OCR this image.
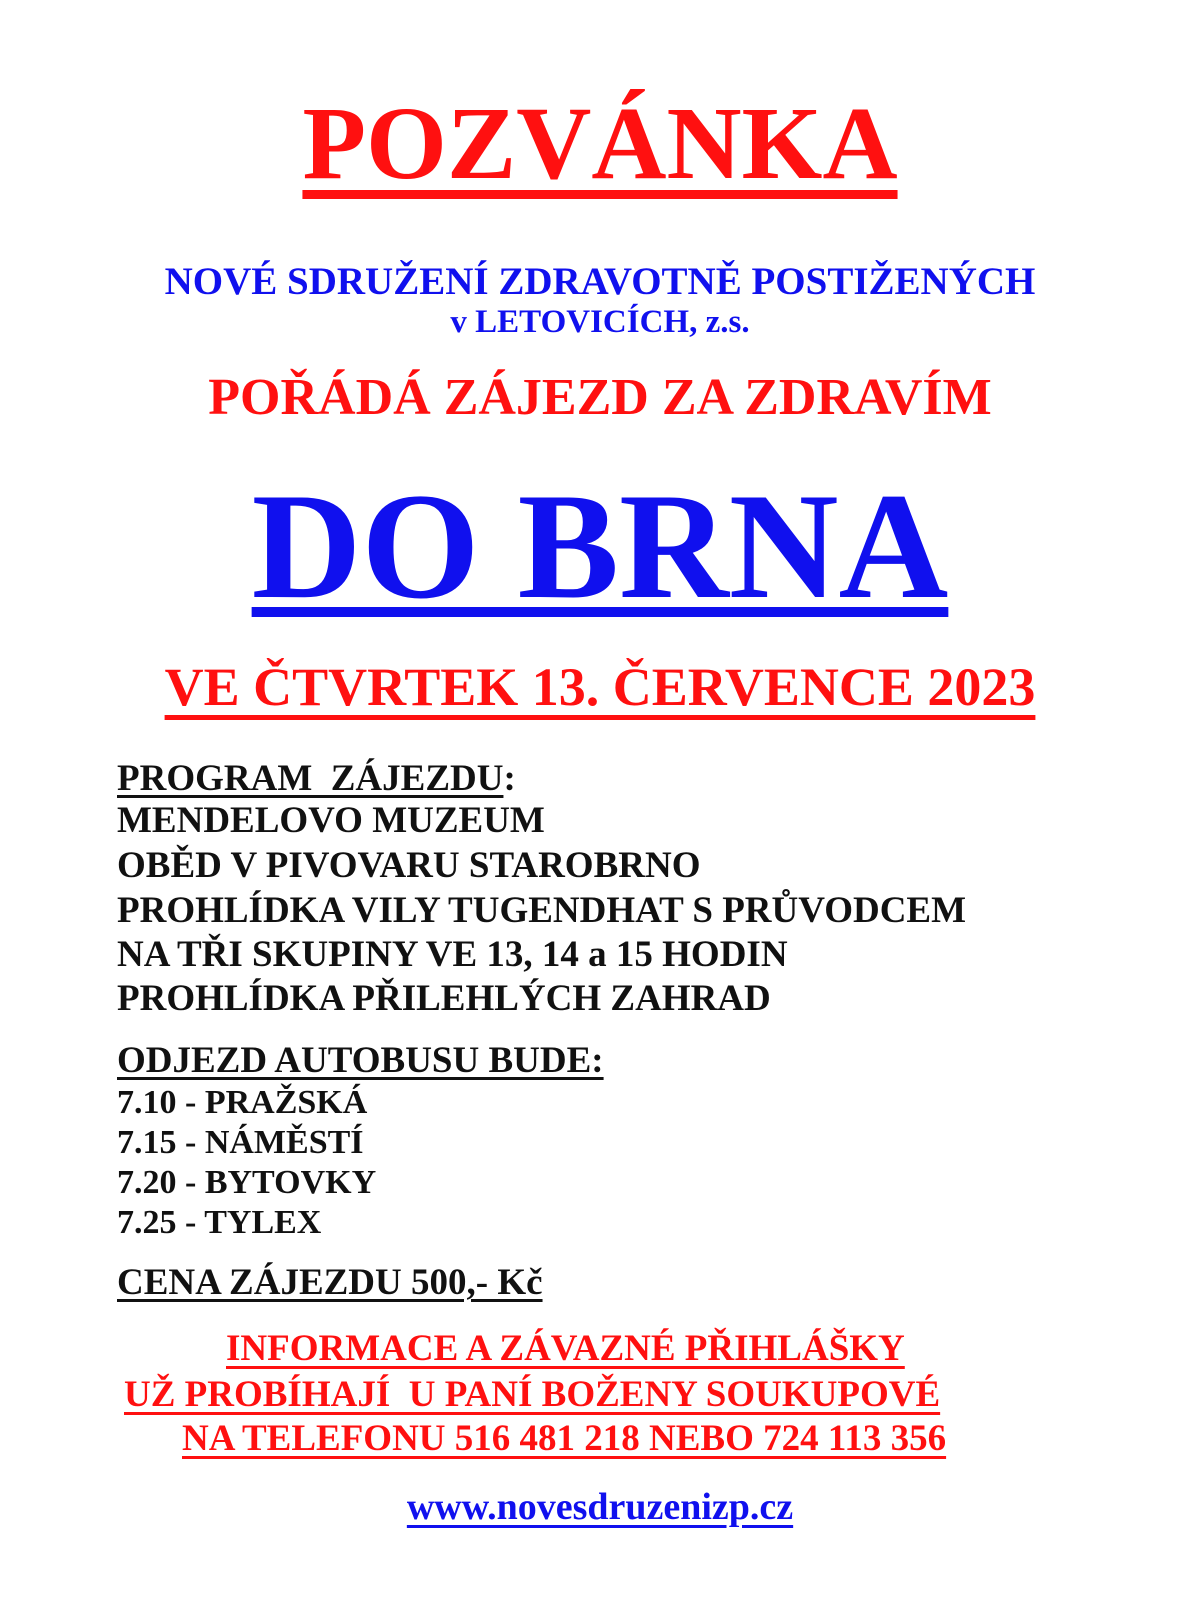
POZVÁNKA
NOVÉ SDRUŽENÍ ZDRAVOTNĚ POSTIŽENÝCH
v LETOVICÍCH, z.s.
POŘÁDÁ ZÁJEZD ZA ZDRAVÍM
DO BRNA
VE ČTVRTEK 13. ČERVENCE 2023
PROGRAM  ZÁJEZDU:
MENDELOVO MUZEUM
OBĚD V PIVOVARU STAROBRNO
PROHLÍDKA VILY TUGENDHAT S PRŮVODCEM
NA TŘI SKUPINY VE 13, 14 a 15 HODIN
PROHLÍDKA PŘILEHLÝCH ZAHRAD
ODJEZD AUTOBUSU BUDE:
7.10 - PRAŽSKÁ
7.15 - NÁMĚSTÍ
7.20 - BYTOVKY
7.25 - TYLEX
CENA ZÁJEZDU 500,- Kč
INFORMACE A ZÁVAZNÉ PŘIHLÁŠKY
UŽ PROBÍHAJÍ  U PANÍ BOŽENY SOUKUPOVÉ
NA TELEFONU 516 481 218 NEBO 724 113 356
www.novesdruzenizp.cz
